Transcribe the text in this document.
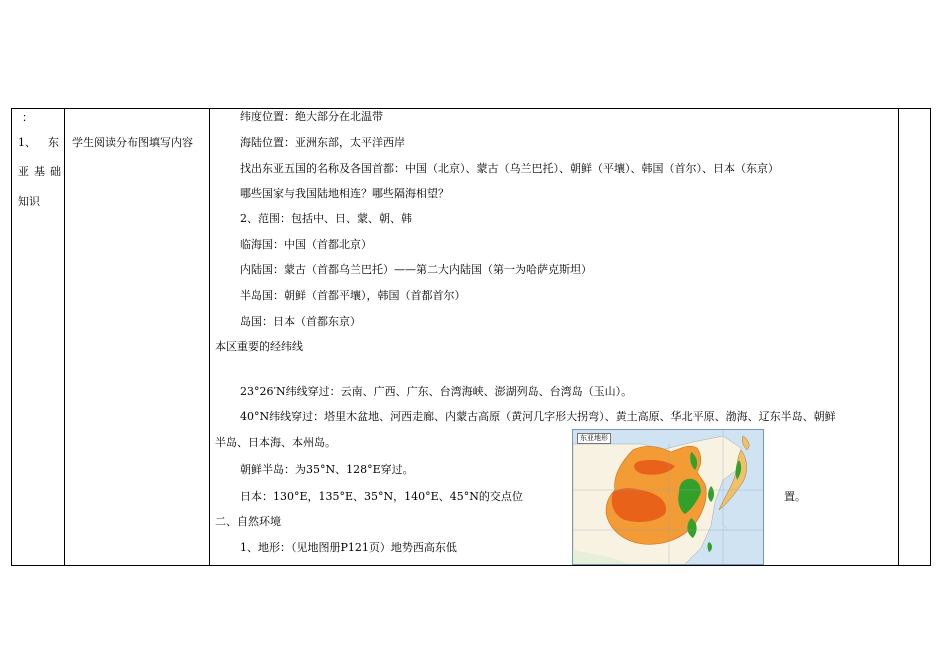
：
1、 东
亚基础
知识
学生阅读分布图填写内容
纬度位置：绝大部分在北温带
海陆位置：亚洲东部，太平洋西岸
找出东亚五国的名称及各国首都：中国（北京）、蒙古（乌兰巴托）、朝鲜（平壤）、韩国（首尔）、日本（东京）
哪些国家与我国陆地相连？哪些隔海相望？
2、范围：包括中、日、蒙、朝、韩
临海国：中国（首都北京）
内陆国：蒙古（首都乌兰巴托）——第二大内陆国（第一为哈萨克斯坦）
半岛国：朝鲜（首都平壤），韩国（首都首尔）
岛国：日本（首都东京）
本区重要的经纬线
23°26′N纬线穿过：云南、广西、广东、台湾海峡、澎湖列岛、台湾岛（玉山）。
40°N纬线穿过：塔里木盆地、河西走廊、内蒙古高原（黄河几字形大拐弯）、黄土高原、华北平原、渤海、辽东半岛、朝鲜
半岛、日本海、本州岛。
朝鲜半岛：为35°N、128°E穿过。
日本：130°E，135°E、35°N，140°E、45°N的交点位	置。
二、自然环境
1、地形：（见地图册P121页）地势西高东低
东亚地形
